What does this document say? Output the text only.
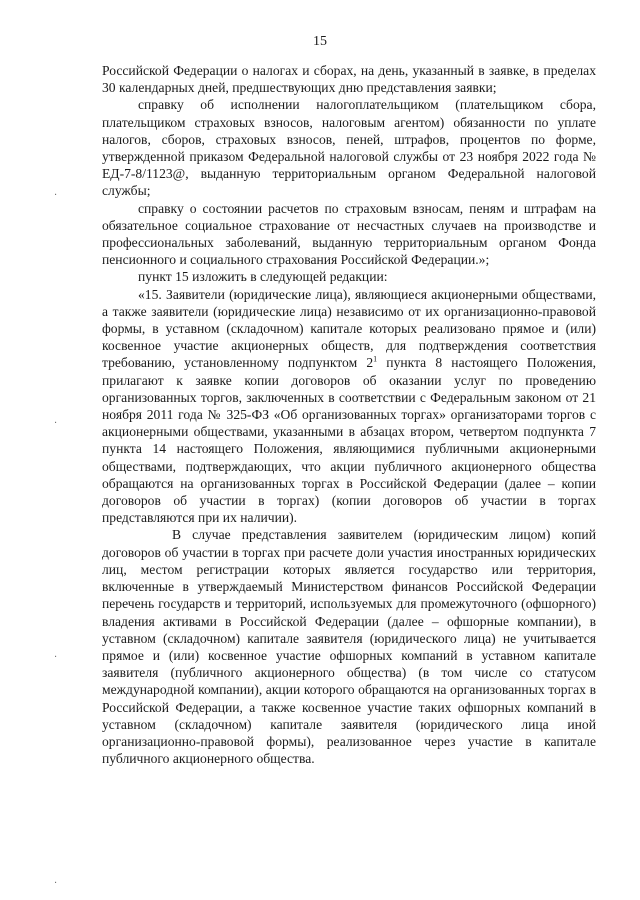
15

Российской Федерации о налогах и сборах, на день, указанный в заявке, в пределах 30 календарных дней, предшествующих дню представления заявки;

справку об исполнении налогоплательщиком (плательщиком сбора, плательщиком страховых взносов, налоговым агентом) обязанности по уплате налогов, сборов, страховых взносов, пеней, штрафов, процентов по форме, утвержденной приказом Федеральной налоговой службы от 23 ноября 2022 года № ЕД-7-8/1123@, выданную территориальным органом Федеральной налоговой службы;

справку о состоянии расчетов по страховым взносам, пеням и штрафам на обязательное социальное страхование от несчастных случаев на производстве и профессиональных заболеваний, выданную территориальным органом Фонда пенсионного и социального страхования Российской Федерации.»;

пункт 15 изложить в следующей редакции:

«15. Заявители (юридические лица), являющиеся акционерными обществами, а также заявители (юридические лица) независимо от их организационно-правовой формы, в уставном (складочном) капитале которых реализовано прямое и (или) косвенное участие акционерных обществ, для подтверждения соответствия требованию, установленному подпунктом $2^1$ пункта 8 настоящего Положения, прилагают к заявке копии договоров об оказании услуг по проведению организованных торгов, заключенных в соответствии с Федеральным законом от 21 ноября 2011 года № 325-ФЗ «Об организованных торгах» организаторами торгов с акционерными обществами, указанными в абзацах втором, четвертом подпункта 7 пункта 14 настоящего Положения, являющимися публичными акционерными обществами, подтверждающих, что акции публичного акционерного общества обращаются на организованных торгах в Российской Федерации (далее – копии договоров об участии в торгах) (копии договоров об участии в торгах представляются при их наличии).

В случае представления заявителем (юридическим лицом) копий договоров об участии в торгах при расчете доли участия иностранных юридических лиц, местом регистрации которых является государство или территория, включенные в утверждаемый Министерством финансов Российской Федерации перечень государств и территорий, используемых для промежуточного (офшорного) владения активами в Российской Федерации (далее – офшорные компании), в уставном (складочном) капитале заявителя (юридического лица) не учитывается прямое и (или) косвенное участие офшорных компаний в уставном капитале заявителя (публичного акционерного общества) (в том числе со статусом международной компании), акции которого обращаются на организованных торгах в Российской Федерации, а также косвенное участие таких офшорных компаний в уставном (складочном) капитале заявителя (юридического лица иной организационно-правовой формы), реализованное через участие в капитале публичного акционерного общества.

·
·
·
·
